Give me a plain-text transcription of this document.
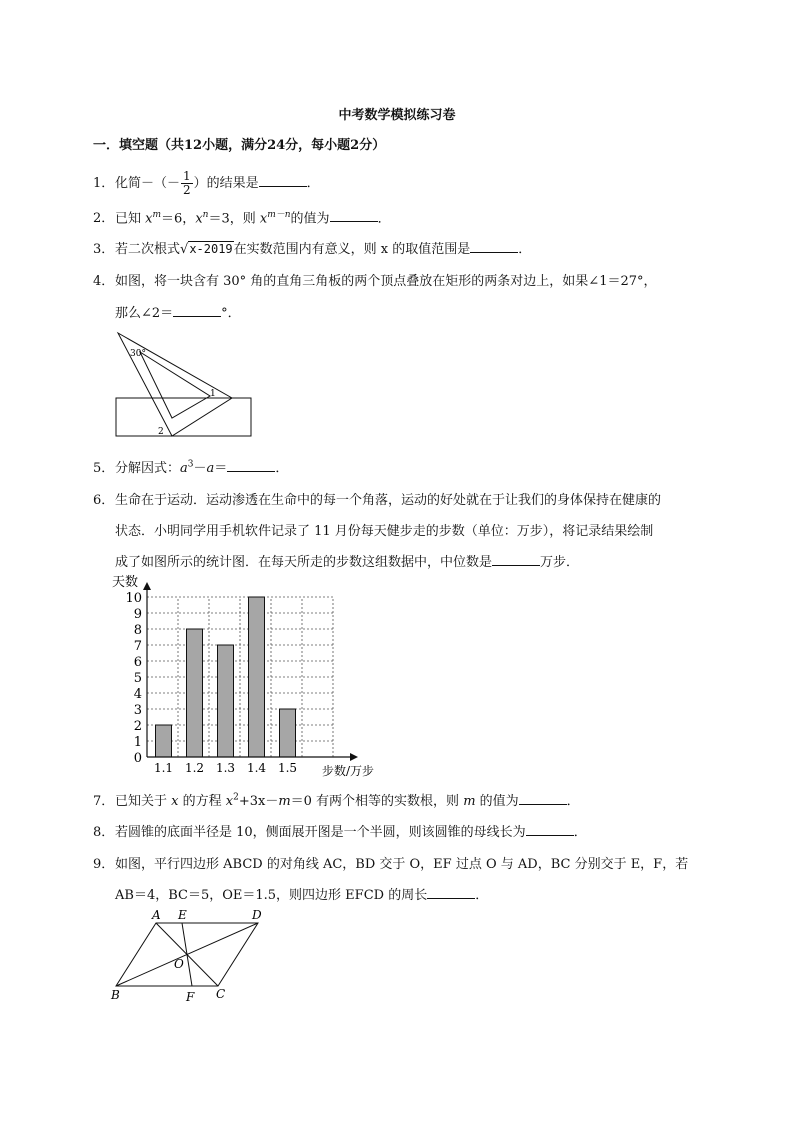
中考数学模拟练习卷
一．填空题（共12小题，满分24分，每小题2分）
1．化简－（－ $\frac{1}{2}$ ）的结果是	．
2．已知 $x^m=6$，$x^n=3$，则 $x^{m-n}$的值为	．
3．若二次根式√x-2019在实数范围内有意义，则 x 的取值范围是	．
4．如图，将一块含有 30° 角的直角三角板的两个顶点叠放在矩形的两条对边上，如果∠1＝27°，
那么∠2＝	°．
30°
1
2
5．分解因式：$a^3-a=$	．
6．生命在于运动．运动渗透在生命中的每一个角落，运动的好处就在于让我们的身体保持在健康的
状态．小明同学用手机软件记录了 11 月份每天健步走的步数（单位：万步），将记录结果绘制
成了如图所示的统计图．在每天所走的步数这组数据中，中位数是	万步．
0
1
2
3
4
5
6
7
8
9
10
1.1 1.2 1.3 1.4 1.5
天数
步数/万步
7．已知关于 x 的方程 $x^2+3x-m=0$ 有两个相等的实数根，则 m 的值为	．
8．若圆锥的底面半径是 10，侧面展开图是一个半圆，则该圆锥的母线长为	．
9．如图，平行四边形 ABCD 的对角线 AC，BD 交于 O，EF 过点 O 与 AD，BC 分别交于 E，F，若
AB＝4，BC＝5，OE＝1.5，则四边形 EFCD 的周长	．
A E	D
O
B	F C
